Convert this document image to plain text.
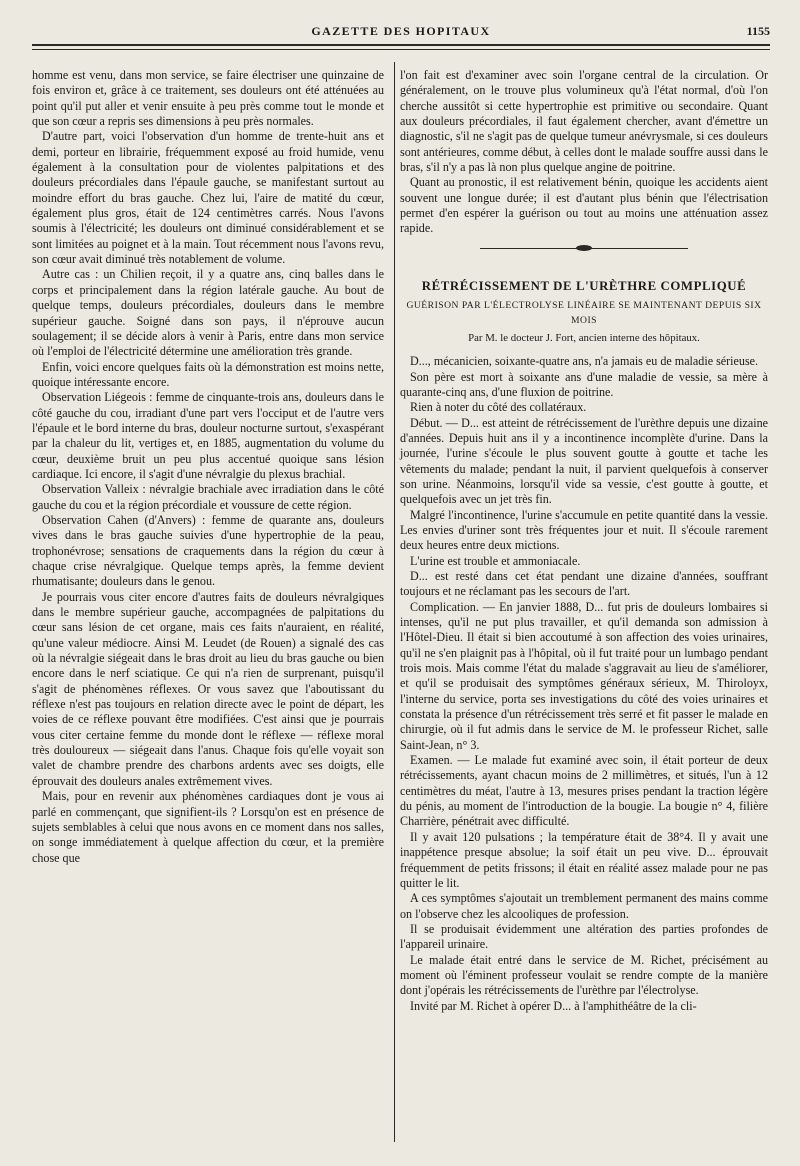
GAZETTE DES HOPITAUX	1155

homme est venu, dans mon service, se faire électriser une quinzaine de fois environ et, grâce à ce traitement, ses douleurs ont été atténuées au point qu'il put aller et venir ensuite à peu près comme tout le monde et que son cœur a repris ses dimensions à peu près normales.

D'autre part, voici l'observation d'un homme de trente-huit ans et demi, porteur en librairie, fréquemment exposé au froid humide, venu également à la consultation pour de violentes palpitations et des douleurs précordiales dans l'épaule gauche, se manifestant surtout au moindre effort du bras gauche. Chez lui, l'aire de matité du cœur, également plus gros, était de 124 centimètres carrés. Nous l'avons soumis à l'électricité; les douleurs ont diminué considérablement et se sont limitées au poignet et à la main. Tout récemment nous l'avons revu, son cœur avait diminué très notablement de volume.

Autre cas : un Chilien reçoit, il y a quatre ans, cinq balles dans le corps et principalement dans la région latérale gauche. Au bout de quelque temps, douleurs précordiales, douleurs dans le membre supérieur gauche. Soigné dans son pays, il n'éprouve aucun soulagement; il se décide alors à venir à Paris, entre dans mon service où l'emploi de l'électricité détermine une amélioration très grande.

Enfin, voici encore quelques faits où la démonstration est moins nette, quoique intéressante encore.

Observation Liégeois : femme de cinquante-trois ans, douleurs dans le côté gauche du cou, irradiant d'une part vers l'occiput et de l'autre vers l'épaule et le bord interne du bras, douleur nocturne surtout, s'exaspérant par la chaleur du lit, vertiges et, en 1885, augmentation du volume du cœur, deuxième bruit un peu plus accentué quoique sans lésion cardiaque. Ici encore, il s'agit d'une névralgie du plexus brachial.

Observation Valleix : névralgie brachiale avec irradiation dans le côté gauche du cou et la région précordiale et voussure de cette région.

Observation Cahen (d'Anvers) : femme de quarante ans, douleurs vives dans le bras gauche suivies d'une hypertrophie de la peau, trophonévrose; sensations de craquements dans la région du cœur à chaque crise névralgique. Quelque temps après, la femme devient rhumatisante; douleurs dans le genou.

Je pourrais vous citer encore d'autres faits de douleurs névralgiques dans le membre supérieur gauche, accompagnées de palpitations du cœur sans lésion de cet organe, mais ces faits n'auraient, en réalité, qu'une valeur médiocre. Ainsi M. Leudet (de Rouen) a signalé des cas où la névralgie siégeait dans le bras droit au lieu du bras gauche ou bien encore dans le nerf sciatique. Ce qui n'a rien de surprenant, puisqu'il s'agit de phénomènes réflexes. Or vous savez que l'aboutissant du réflexe n'est pas toujours en relation directe avec le point de départ, les voies de ce réflexe pouvant être modifiées. C'est ainsi que je pourrais vous citer certaine femme du monde dont le réflexe — réflexe moral très douloureux — siégeait dans l'anus. Chaque fois qu'elle voyait son valet de chambre prendre des charbons ardents avec ses doigts, elle éprouvait des douleurs anales extrêmement vives.

Mais, pour en revenir aux phénomènes cardiaques dont je vous ai parlé en commençant, que signifient-ils ? Lorsqu'on est en présence de sujets semblables à celui que nous avons en ce moment dans nos salles, on songe immédiatement à quelque affection du cœur, et la première chose que

l'on fait est d'examiner avec soin l'organe central de la circulation. Or généralement, on le trouve plus volumineux qu'à l'état normal, d'où l'on cherche aussitôt si cette hypertrophie est primitive ou secondaire. Quant aux douleurs précordiales, il faut également chercher, avant d'émettre un diagnostic, s'il ne s'agit pas de quelque tumeur anévrysmale, si ces douleurs sont antérieures, comme début, à celles dont le malade souffre aussi dans le bras, s'il n'y a pas là non plus quelque angine de poitrine.

Quant au pronostic, il est relativement bénin, quoique les accidents aient souvent une longue durée; il est d'autant plus bénin que l'électrisation permet d'en espérer la guérison ou tout au moins une atténuation assez rapide.

RÉTRÉCISSEMENT DE L'URÈTHRE COMPLIQUÉ

GUÉRISON PAR L'ÉLECTROLYSE LINÉAIRE SE MAINTENANT DEPUIS SIX MOIS

Par M. le docteur J. Fort, ancien interne des hôpitaux.

D..., mécanicien, soixante-quatre ans, n'a jamais eu de maladie sérieuse.

Son père est mort à soixante ans d'une maladie de vessie, sa mère à quarante-cinq ans, d'une fluxion de poitrine.

Rien à noter du côté des collatéraux.

Début. — D... est atteint de rétrécissement de l'urèthre depuis une dizaine d'années. Depuis huit ans il y a incontinence incomplète d'urine. Dans la journée, l'urine s'écoule le plus souvent goutte à goutte et tache les vêtements du malade; pendant la nuit, il parvient quelquefois à conserver son urine. Néanmoins, lorsqu'il vide sa vessie, c'est goutte à goutte, et quelquefois avec un jet très fin.

Malgré l'incontinence, l'urine s'accumule en petite quantité dans la vessie. Les envies d'uriner sont très fréquentes jour et nuit. Il s'écoule rarement deux heures entre deux mictions.

L'urine est trouble et ammoniacale.

D... est resté dans cet état pendant une dizaine d'années, souffrant toujours et ne réclamant pas les secours de l'art.

Complication. — En janvier 1888, D... fut pris de douleurs lombaires si intenses, qu'il ne put plus travailler, et qu'il demanda son admission à l'Hôtel-Dieu. Il était si bien accoutumé à son affection des voies urinaires, qu'il ne s'en plaignit pas à l'hôpital, où il fut traité pour un lumbago pendant trois mois. Mais comme l'état du malade s'aggravait au lieu de s'améliorer, et qu'il se produisait des symptômes généraux sérieux, M. Thiroloyx, l'interne du service, porta ses investigations du côté des voies urinaires et constata la présence d'un rétrécissement très serré et fit passer le malade en chirurgie, où il fut admis dans le service de M. le professeur Richet, salle Saint-Jean, n° 3.

Examen. — Le malade fut examiné avec soin, il était porteur de deux rétrécissements, ayant chacun moins de 2 millimètres, et situés, l'un à 12 centimètres du méat, l'autre à 13, mesures prises pendant la traction légère du pénis, au moment de l'introduction de la bougie. La bougie n° 4, filière Charrière, pénétrait avec difficulté.

Il y avait 120 pulsations ; la température était de 38°4. Il y avait une inappétence presque absolue; la soif était un peu vive. D... éprouvait fréquemment de petits frissons; il était en réalité assez malade pour ne pas quitter le lit.

A ces symptômes s'ajoutait un tremblement permanent des mains comme on l'observe chez les alcooliques de profession.

Il se produisait évidemment une altération des parties profondes de l'appareil urinaire.

Le malade était entré dans le service de M. Richet, précisément au moment où l'éminent professeur voulait se rendre compte de la manière dont j'opérais les rétrécissements de l'urèthre par l'électrolyse.

Invité par M. Richet à opérer D... à l'amphithéâtre de la cli-
